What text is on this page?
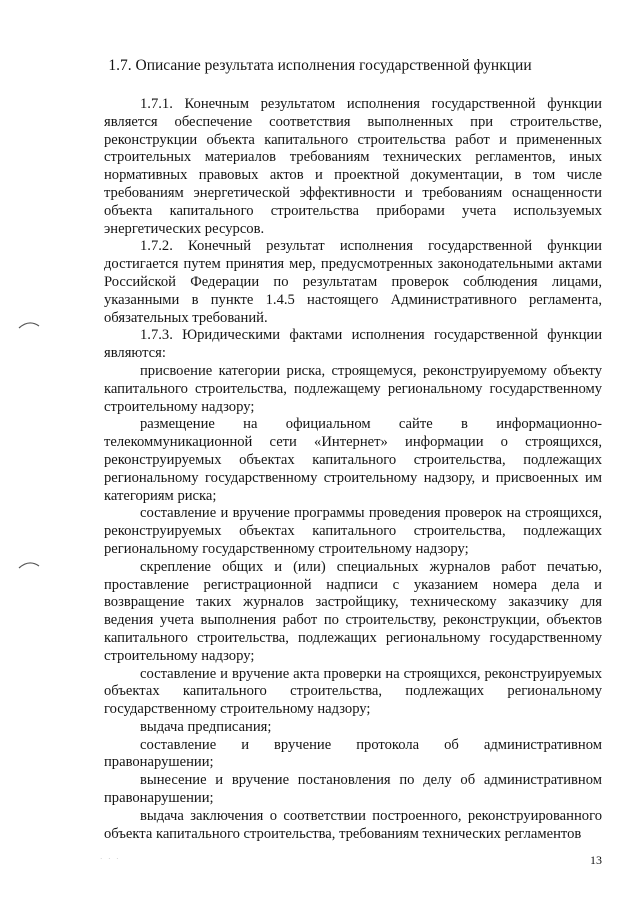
1.7. Описание результата исполнения государственной функции

1.7.1. Конечным результатом исполнения государственной функции является обеспечение соответствия выполненных при строительстве, реконструкции объекта капитального строительства работ и примененных строительных материалов требованиям технических регламентов, иных нормативных правовых актов и проектной документации, в том числе требованиям энергетической эффективности и требованиям оснащенности объекта капитального строительства приборами учета используемых энергетических ресурсов.

1.7.2. Конечный результат исполнения государственной функции достигается путем принятия мер, предусмотренных законодательными актами Российской Федерации по результатам проверок соблюдения лицами, указанными в пункте 1.4.5 настоящего Административного регламента, обязательных требований.

1.7.3. Юридическими фактами исполнения государственной функции являются:

присвоение категории риска, строящемуся, реконструируемому объекту капитального строительства, подлежащему региональному государственному строительному надзору;

размещение на официальном сайте в информационно-телекоммуникационной сети «Интернет» информации о строящихся, реконструируемых объектах капитального строительства, подлежащих региональному государственному строительному надзору, и присвоенных им категориям риска;

составление и вручение программы проведения проверок на строящихся, реконструируемых объектах капитального строительства, подлежащих региональному государственному строительному надзору;

скрепление общих и (или) специальных журналов работ печатью, проставление регистрационной надписи с указанием номера дела и возвращение таких журналов застройщику, техническому заказчику для ведения учета выполнения работ по строительству, реконструкции, объектов капитального строительства, подлежащих региональному государственному строительному надзору;

составление и вручение акта проверки на строящихся, реконструируемых объектах капитального строительства, подлежащих региональному государственному строительному надзору;

выдача предписания;

составление и вручение протокола об административном правонарушении;

вынесение и вручение постановления по делу об административном правонарушении;

выдача заключения о соответствии построенного, реконструированного объекта капитального строительства, требованиям технических регламентов

· · ·	13
